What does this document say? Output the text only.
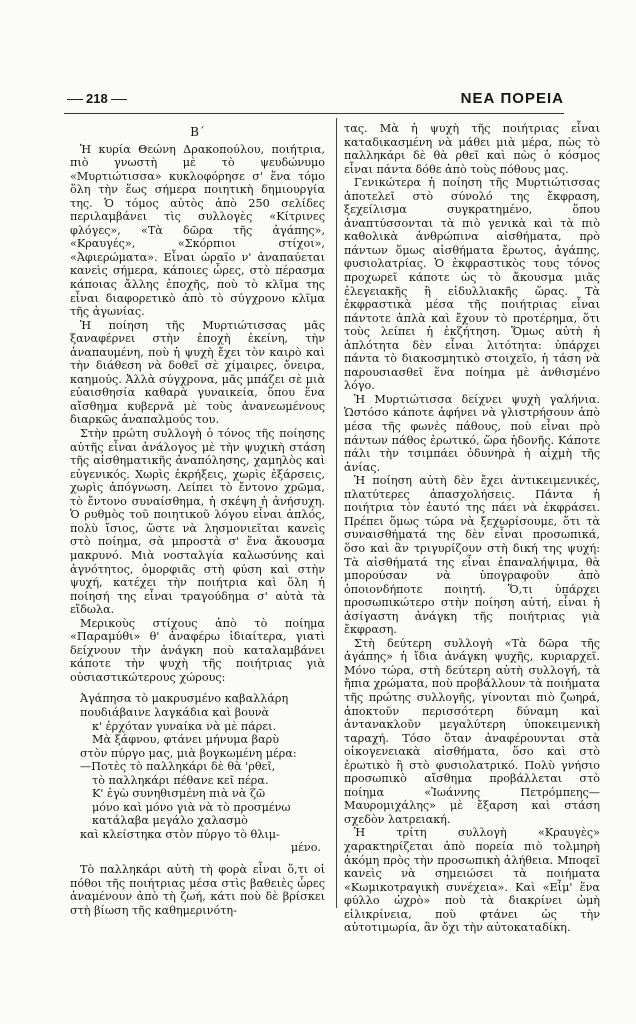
218	ΝΕΑ ΠΟΡΕΙΑ
Β΄

Ἡ κυρία Θεώνη Δρακοπούλου, ποιήτρια, πιὸ γνωστὴ μὲ τὸ ψευδώνυμο «Μυρτιώτισσα» κυκλοφόρησε σ' ἕνα τόμο ὅλη τὴν ἕως σήμερα ποιητικὴ δημιουργία της. Ὁ τόμος αὐτὸς ἀπὸ 250 σελίδες περιλαμβάνει τὶς συλλογὲς «Κίτρινες φλόγες», «Τὰ δῶρα τῆς ἀγάπης», «Κραυγές», «Σκόρπιοι στίχοι», «Ἀφιερώματα». Εἶναι ὡραῖο ν' ἀναπαύεται κανεὶς σήμερα, κάποιες ὧρες, στὸ πέρασμα κάποιας ἄλλης ἐποχῆς, ποὺ τὸ κλῖμα της εἶναι διαφορετικὸ ἀπὸ τὸ σύγχρονο κλῖμα τῆς ἀγωνίας.

Ἡ ποίηση τῆς Μυρτιώτισσας μᾶς ξαναφέρνει στὴν ἐποχὴ ἐκείνη, τὴν ἀναπαυμένη, ποὺ ἡ ψυχὴ ἔχει τὸν καιρὸ καὶ τὴν διάθεση νὰ δοθεῖ σὲ χίμαιρες, ὄνειρα, καημούς. Ἀλλὰ σύγχρονα, μᾶς μπάζει σὲ μιὰ εὐαισθησία καθαρὰ γυναικεία, ὅπου ἕνα αἴσθημα κυβερνᾶ μὲ τοὺς ἀνανεωμένους διαρκῶς ἀναπαλμούς του.

Στὴν πρώτη συλλογὴ ὁ τόνος τῆς ποίησης αὐτῆς εἶναι ἀνάλογος μὲ τὴν ψυχικὴ στάση τῆς αἰσθηματικῆς ἀναπόλησης, χαμηλὸς καὶ εὐγενικός. Χωρὶς ἐκρήξεις, χωρὶς ἐξάρσεις, χωρὶς ἀπόγνωση. Λείπει τὸ ἔντονο χρῶμα, τὸ ἔντονο συναίσθημα, ἡ σκέψη ἡ ἀνήσυχη. Ὁ ρυθμὸς τοῦ ποιητικοῦ λόγου εἶναι ἁπλός, πολὺ ἴσιος, ὥστε νὰ λησμονιεῖται κανεὶς στὸ ποίημα, σὰ μπροστὰ σ' ἕνα ἄκουσμα μακρυνό. Μιὰ νοσταλγία καλωσύνης καὶ ἀγνότητος, ὁμορφιᾶς στὴ φύση καὶ στὴν ψυχή, κατέχει τὴν ποιήτρια καὶ ὅλη ἡ ποίησή της εἶναι τραγούδημα σ' αὐτὰ τὰ εἴδωλα.

Μερικοὺς στίχους ἀπὸ τὸ ποίημα «Παραμύθι» θ' ἀναφέρω ἰδιαίτερα, γιατὶ δείχνουν τὴν ἀνάγκη ποὺ καταλαμβάνει κάποτε τὴν ψυχὴ τῆς ποιήτριας γιὰ οὐσιαστικώτερους χώρους:

Ἀγάπησα τὸ μακρυσμένο καβαλλάρη
πουδιάβαινε λαγκάδια καὶ βουνὰ
κ' ἐρχόταν γυναίκα νὰ μὲ πάρει.
Μὰ ξάφνου, φτάνει μήνυμα βαρὺ
στὸν πύργο μας, μιὰ βογκωμένη μέρα:
—Ποτὲς τὸ παλληκάρι δὲ θὰ 'ρθεῖ,
τὸ παλληκάρι πέθανε κεῖ πέρα.
Κ' ἐγὼ συνηθισμένη πιὰ νὰ ζῶ
μόνο καὶ μόνο γιὰ νὰ τὸ προσμένω
κατάλαβα μεγάλο χαλασμὸ
καὶ κλείστηκα στὸν πύργο τὸ θλιμ-
μένο.

Τὸ παλληκάρι αὐτὴ τὴ φορὰ εἶναι ὅ,τι οἱ πόθοι τῆς ποιήτριας μέσα στὶς βαθειὲς ὧρες ἀναμένουν ἀπὸ τὴ ζωή, κάτι ποὺ δὲ βρίσκει στὴ βίωση τῆς καθημερινότη-

τας. Μὰ ἡ ψυχὴ τῆς ποιήτριας εἶναι καταδικασμένη νὰ μάθει μιὰ μέρα, πὼς τὸ παλληκάρι δὲ θὰ ρθεῖ καὶ πὼς ὁ κόσμος εἶναι πάντα δόθε ἀπὸ τοὺς πόθους μας.

Γενικώτερα ἡ ποίηση τῆς Μυρτιώτισσας ἀποτελεῖ στὸ σύνολό της ἔκφραση, ξεχείλισμα συγκρατημένο, ὅπου ἀναπτύσσονται τὰ πιὸ γενικὰ καὶ τὰ πιὸ καθολικὰ ἀνθρώπινα αἰσθήματα, πρὸ πάντων ὅμως αἰσθήματα ἔρωτος, ἀγάπης, φυσιολατρίας. Ὁ ἐκφραστικὸς τους τόνος προχωρεῖ κάποτε ὡς τὸ ἄκουσμα μιᾶς ἐλεγειακῆς ἢ εἰδυλλιακῆς ὥρας. Τὰ ἐκφραστικὰ μέσα τῆς ποιήτριας εἶναι πάντοτε ἁπλὰ καὶ ἔχουν τὸ προτέρημα, ὅτι τοὺς λείπει ἡ ἐκζήτηση. Ὅμως αὐτὴ ἡ ἁπλότητα δὲν εἶναι λιτότητα: ὑπάρχει πάντα τὸ διακοσμητικὸ στοιχεῖο, ἡ τάση νὰ παρουσιασθεῖ ἕνα ποίημα μὲ ἀνθισμένο λόγο.

Ἡ Μυρτιώτισσα δείχνει ψυχὴ γαλήνια. Ὡστόσο κάποτε ἀφήνει νὰ γλιστρήσουν ἀπὸ μέσα τῆς φωνὲς πάθους, ποὺ εἶναι πρὸ πάντων πάθος ἐρωτικό, ὥρα ἡδονῆς. Κάποτε πάλι τὴν τσιμπάει ὀδυνηρὰ ἡ αἰχμὴ τῆς ἀνίας.

Ἡ ποίηση αὐτὴ δὲν ἔχει ἀντικειμενικές, πλατύτερες ἀπασχολήσεις. Πάντα ἡ ποιήτρια τὸν ἑαυτό της πάει νὰ ἐκφράσει. Πρέπει ὅμως τώρα νὰ ξεχωρίσουμε, ὅτι τὰ συναισθήματά της δὲν εἶναι προσωπικά, ὅσο καὶ ἂν τριγυρίζουν στὴ δική της ψυχή: Τὰ αἰσθήματά της εἶναι ἐπαναλήψιμα, θὰ μπορούσαν νὰ ὑπογραφοῦν ἀπὸ ὁποιονδήποτε ποιητή. Ὅ,τι ὑπάρχει προσωπικώτερο στὴν ποίηση αὐτή, εἶναι ἡ ἀσίγαστη ἀνάγκη τῆς ποιήτριας γιὰ ἔκφραση.

Στὴ δεύτερη συλλογὴ «Τὰ δῶρα τῆς ἀγάπης» ἡ ἴδια ἀνάγκη ψυχῆς, κυριαρχεῖ. Μόνο τώρα, στὴ δεύτερη αὐτὴ συλλογή, τὰ ἤπια χρώματα, ποὺ προβάλλουν τὰ ποιήματα τῆς πρώτης συλλογῆς, γίνονται πιὸ ζωηρά, ἀποκτοῦν περισσότερη δύναμη καὶ ἀντανακλοῦν μεγαλύτερη ὑποκειμενικὴ ταραχή. Τόσο ὅταν ἀναφέρουνται στὰ οἰκογενειακὰ αἰσθήματα, ὅσο καὶ στὸ ἐρωτικὸ ἢ στὸ φυσιολατρικό. Πολὺ γνήσιο προσωπικὸ αἴσθημα προβάλλεται στὸ ποίημα «Ἰωάννης Πετρόμπεης—Μαυρομιχάλης» μὲ ἔξαρση καὶ στάση σχεδὸν λατρειακή.

Ἡ τρίτη συλλογὴ «Κραυγὲς» χαρακτηρίζεται ἀπὸ πορεία πιὸ τολμηρὴ ἀκόμη πρὸς τὴν προσωπικὴ ἀλήθεια. Μποqεῖ κανεὶς νὰ σημειώσει τὰ ποιήματα «Κωμικοτραγικὴ συνέχεια». Καὶ «Εἶμ' ἕνα φύλλο ὠχρὸ» ποὺ τὰ διακρίνει ὠμὴ εἰλικρίνεια, ποὺ φτάνει ὡς τὴν αὐτοτιμωρία, ἂν ὄχι τὴν αὐτοκαταδίκη.
